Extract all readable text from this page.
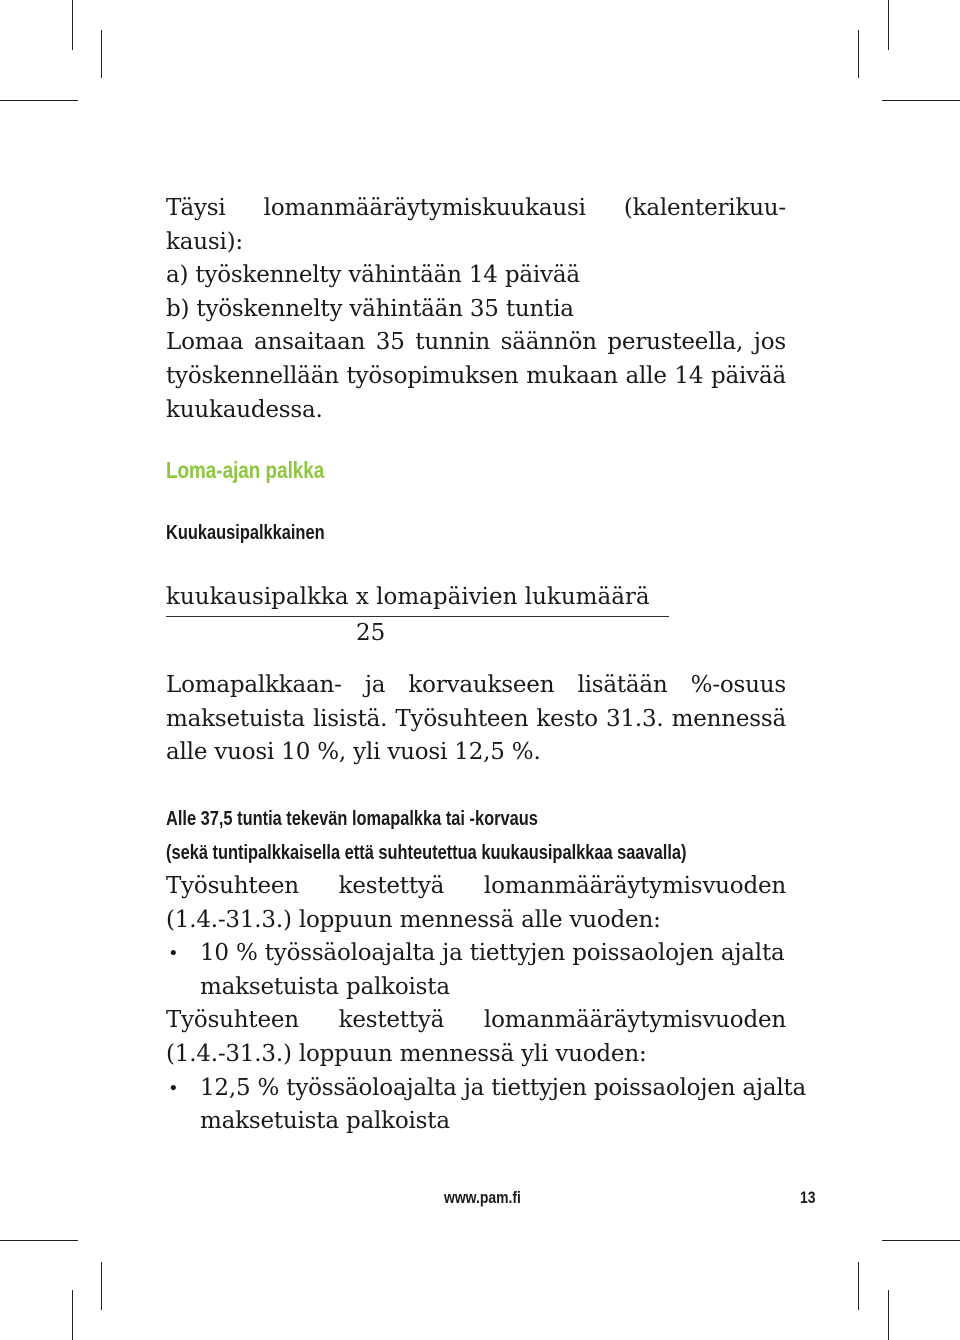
Täysi lomanmääräytymiskuukausi (kalenterikuu-
kausi):
a) työskennelty vähintään 14 päivää
b) työskennelty vähintään 35 tuntia
Lomaa ansaitaan 35 tunnin säännön perusteella, jos
työskennellään työsopimuksen mukaan alle 14 päivää
kuukaudessa.

Loma-ajan palkka
Kuukausipalkkainen
kuukausipalkka x lomapäivien lukumäärä
25

Lomapalkkaan- ja korvaukseen lisätään %-osuus
maksetuista lisistä. Työsuhteen kesto 31.3. mennessä
alle vuosi 10 %, yli vuosi 12,5 %.

Alle 37,5 tuntia tekevän lomapalkka tai -korvaus
(sekä tuntipalkkaisella että suhteutettua kuukausipalkkaa saavalla)
Työsuhteen kestettyä lomanmääräytymisvuoden
(1.4.-31.3.) loppuun mennessä alle vuoden:
• 10 % työssäoloajalta ja tiettyjen poissaolojen ajalta
maksetuista palkoista
Työsuhteen kestettyä lomanmääräytymisvuoden
(1.4.-31.3.) loppuun mennessä yli vuoden:
• 12,5 % työssäoloajalta ja tiettyjen poissaolojen ajalta
maksetuista palkoista
www.pam.fi	13
